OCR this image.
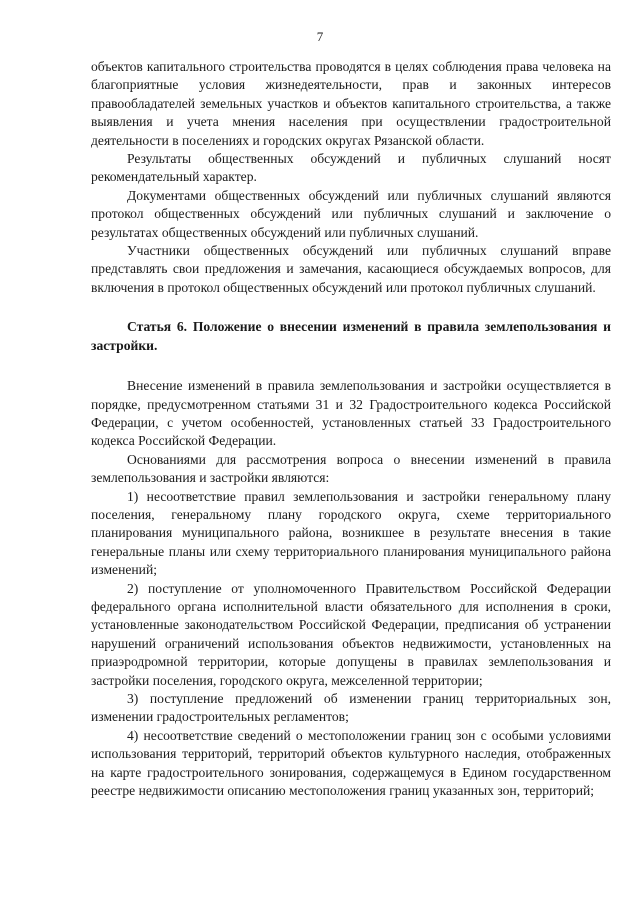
7

объектов капитального строительства проводятся в целях соблюдения права человека на благоприятные условия жизнедеятельности, прав и законных интересов правообладателей земельных участков и объектов капитального строительства, а также выявления и учета мнения населения при осуществлении градостроительной деятельности в поселениях и городских округах Рязанской области.

Результаты общественных обсуждений и публичных слушаний носят рекомендательный характер.

Документами общественных обсуждений или публичных слушаний являются протокол общественных обсуждений или публичных слушаний и заключение о результатах общественных обсуждений или публичных слушаний.

Участники общественных обсуждений или публичных слушаний вправе представлять свои предложения и замечания, касающиеся обсуждаемых вопросов, для включения в протокол общественных обсуждений или протокол публичных слушаний.

Статья 6. Положение о внесении изменений в правила землепользования и застройки.

Внесение изменений в правила землепользования и застройки осуществляется в порядке, предусмотренном статьями 31 и 32 Градостроительного кодекса Российской Федерации, с учетом особенностей, установленных статьей 33 Градостроительного кодекса Российской Федерации.

Основаниями для рассмотрения вопроса о внесении изменений в правила землепользования и застройки являются:

1) несоответствие правил землепользования и застройки генеральному плану поселения, генеральному плану городского округа, схеме территориального планирования муниципального района, возникшее в результате внесения в такие генеральные планы или схему территориального планирования муниципального района изменений;

2) поступление от уполномоченного Правительством Российской Федерации федерального органа исполнительной власти обязательного для исполнения в сроки, установленные законодательством Российской Федерации, предписания об устранении нарушений ограничений использования объектов недвижимости, установленных на приаэродромной территории, которые допущены в правилах землепользования и застройки поселения, городского округа, межселенной территории;

3) поступление предложений об изменении границ территориальных зон, изменении градостроительных регламентов;

4) несоответствие сведений о местоположении границ зон с особыми условиями использования территорий, территорий объектов культурного наследия, отображенных на карте градостроительного зонирования, содержащемуся в Едином государственном реестре недвижимости описанию местоположения границ указанных зон, территорий;
